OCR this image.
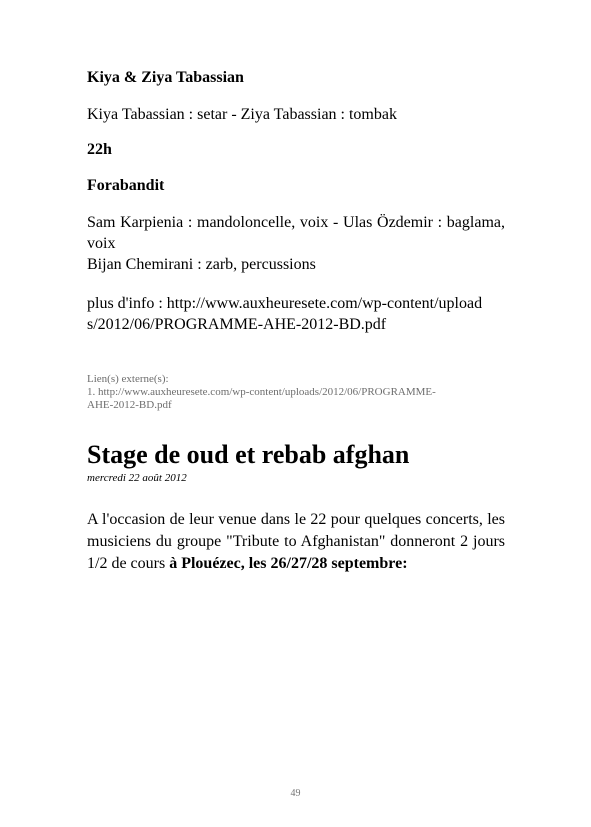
Kiya & Ziya Tabassian
Kiya Tabassian : setar - Ziya Tabassian : tombak
22h
Forabandit
Sam Karpienia : mandoloncelle, voix - Ulas Özdemir : baglama, voix
Bijan Chemirani : zarb, percussions
plus d'info : http://www.auxheuresete.com/wp-content/upload
s/2012/06/PROGRAMME-AHE-2012-BD.pdf
Lien(s) externe(s):
1. http://www.auxheuresete.com/wp-content/uploads/2012/06/PROGRAMME-
AHE-2012-BD.pdf
Stage de oud et rebab afghan
mercredi 22 août 2012
A l'occasion de leur venue dans le 22 pour quelques concerts, les musiciens du groupe "Tribute to Afghanistan" donneront 2 jours 1/2 de cours à Plouézec, les 26/27/28 septembre:
49
